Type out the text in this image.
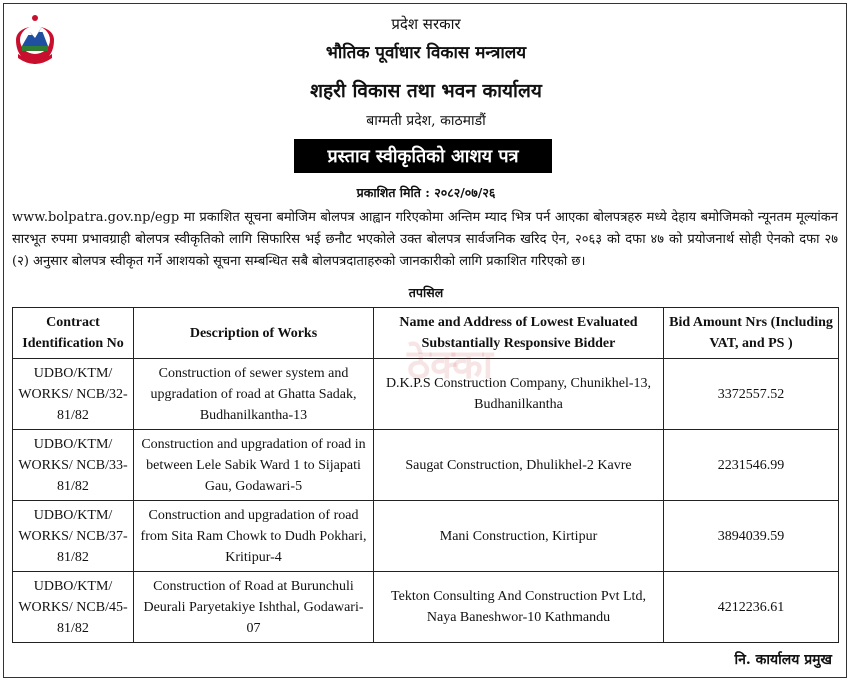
प्रदेश सरकार
भौतिक पूर्वाधार विकास मन्त्रालय
शहरी विकास तथा भवन कार्यालय
बाग्मती प्रदेश, काठमाडौं
प्रस्ताव स्वीकृतिको आशय पत्र
प्रकाशित मिति : २०८२/०७/२६
www.bolpatra.gov.np/egp मा प्रकाशित सूचना बमोजिम बोलपत्र आह्वान गरिएकोमा अन्तिम म्याद भित्र पर्न आएका बोलपत्रहरु मध्ये देहाय बमोजिमको न्यूनतम मूल्यांकन सारभूत रुपमा प्रभावग्राही बोलपत्र स्वीकृतिको लागि सिफारिस भई छनौट भएकोले उक्त बोलपत्र सार्वजनिक खरिद ऐन, २०६३ को दफा ४७ को प्रयोजनार्थ सोही ऐनको दफा २७ (२) अनुसार बोलपत्र स्वीकृत गर्ने आशयको सूचना सम्बन्धित सबै बोलपत्रदाताहरुको जानकारीको लागि प्रकाशित गरिएको छ।
तपसिल
Contract Identification No	Description of Works	Name and Address of Lowest Evaluated Substantially Responsive Bidder	Bid Amount Nrs (Including VAT, and PS )
UDBO/KTM/ WORKS/ NCB/32-81/82	Construction of sewer system and upgradation of road at Ghatta Sadak, Budhanilkantha-13	D.K.P.S Construction Company, Chunikhel-13, Budhanilkantha	3372557.52
UDBO/KTM/ WORKS/ NCB/33-81/82	Construction and upgradation of road in between Lele Sabik Ward 1 to Sijapati Gau, Godawari-5	Saugat Construction, Dhulikhel-2 Kavre	2231546.99
UDBO/KTM/ WORKS/ NCB/37-81/82	Construction and upgradation of road from Sita Ram Chowk to Dudh Pokhari, Kritipur-4	Mani Construction, Kirtipur	3894039.59
UDBO/KTM/ WORKS/ NCB/45-81/82	Construction of Road at Burunchuli Deurali Paryetakiye Ishthal, Godawari-07	Tekton Consulting And Construction Pvt Ltd, Naya Baneshwor-10 Kathmandu	4212236.61
ठेक्का
नि. कार्यालय प्रमुख
